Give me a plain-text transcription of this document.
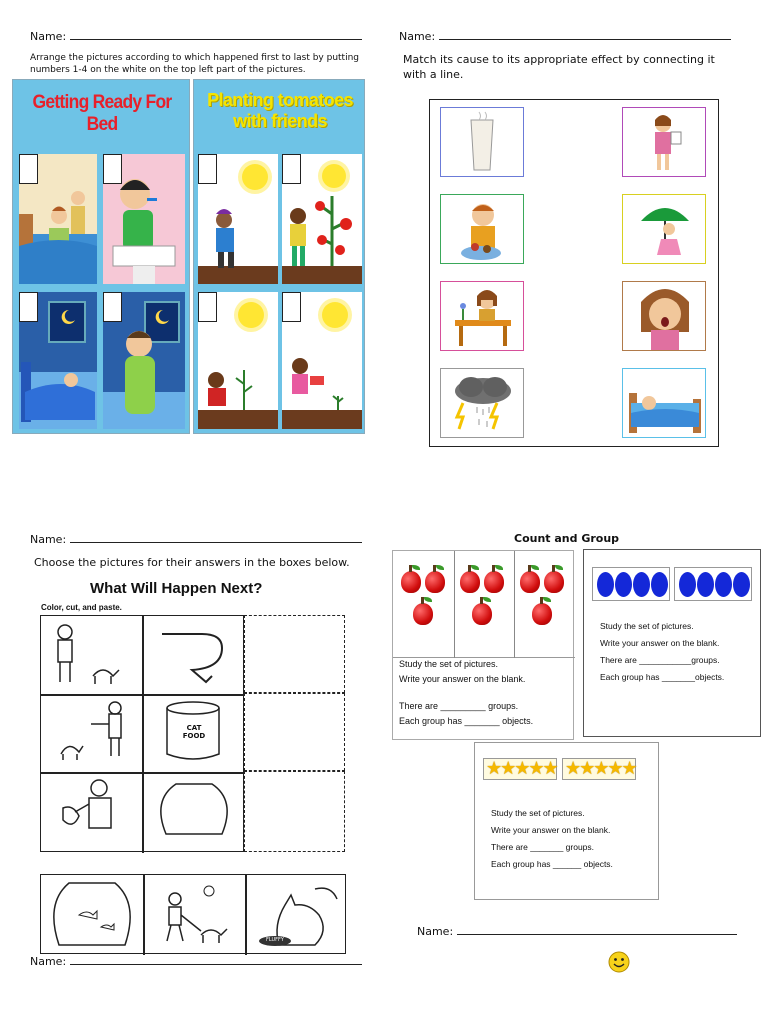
Name:
Arrange the pictures according to which happened first to last by putting numbers 1-4 on the white on the top left part of the pictures.
Getting Ready For Bed
Planting tomatoes with friends
Name:
Match its cause to its appropriate effect by connecting it with a line.
Name:
Choose the pictures for their answers in the boxes below.
What Will Happen Next?
Color, cut, and paste.
CAT FOOD
FLUFFY
Name:
Count and Group
Study the set of pictures.
Write your answer on the blank.
There are _________ groups.
Each group has _______ objects.
★★★★★ ★★★★★
Study the set of pictures.
Write your answer on the blank.
There are _______ groups.
Each group has ______ objects.
Study the set of pictures.
Write your answer on the blank.
There are ___________groups.
Each group has _______objects.
Name:
